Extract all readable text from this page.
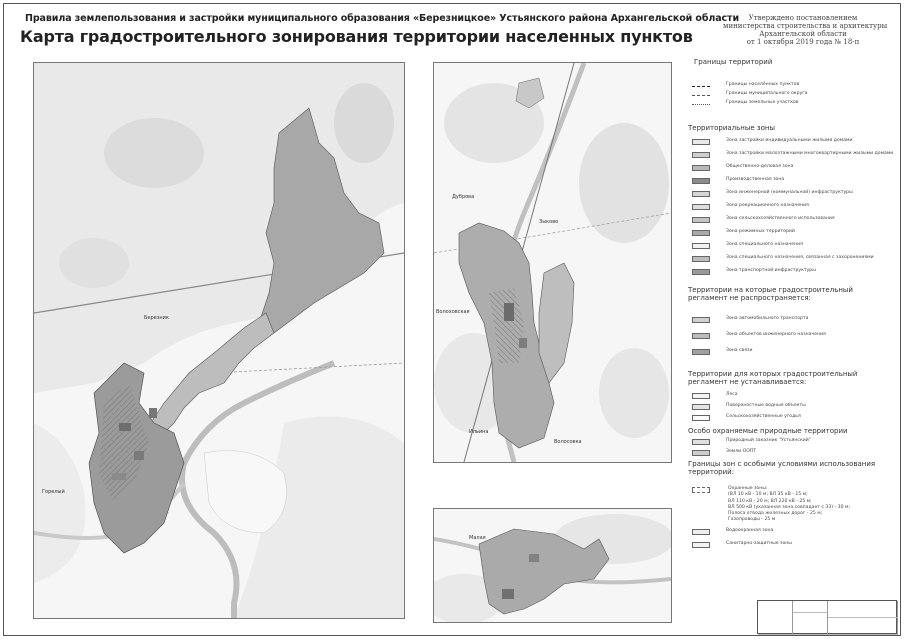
Правила землепользования и застройки муниципального образования «Березницкое» Устьянского района Архангельской области
Карта градостроительного зонирования территории населенных пунктов
Утверждено постановлением
министерства строительства и архитектуры
Архангельской области
от 1 октября 2019 года № 18-п
Березник
Горелый
Дуброва
Зыково
Волоховская
Ильина
Волосовка
Малая
Границы территорий
Границы населённых пунктов
Границы муниципального округа
Границы земельных участков
Территориальные зоны
Зона застройки индивидуальными жилыми домами
Зона застройки малоэтажными многоквартирными жилыми домами
Общественно-деловая зона
Производственная зона
Зона инженерной (коммунальной) инфраструктуры
Зона рекреационного назначения
Зона сельскохозяйственного использования
Зона режимных территорий
Зона специального назначения
Зона специального назначения, связанная с захоронениями
Зона транспортной инфраструктуры
Территории на которые градостроительный регламент не распространяется:
Зона автомобильного транспорта
Зона объектов инженерного назначения
Зона связи
Территории для которых градостроительный регламент не устанавливается:
Леса
Поверхностные водные объекты
Сельскохозяйственные угодья
Особо охраняемые природные территории
Природный заказник "Устьянский"
Земли ООПТ
Границы зон с особыми условиями использования территорий:
Охранные зоны:
(ВЛ 10 кВ - 10 м; ВЛ 35 кВ - 15 м;
ВЛ 110 кВ - 20 м; ВЛ 220 кВ - 25 м;
ВЛ 500 кВ (указанная зона совпадает с ЗЗ) - 30 м;
Полоса отвода железных дорог - 25 м;
Газопроводы - 25 м
Водоохранная зона
Санитарно-защитные зоны
